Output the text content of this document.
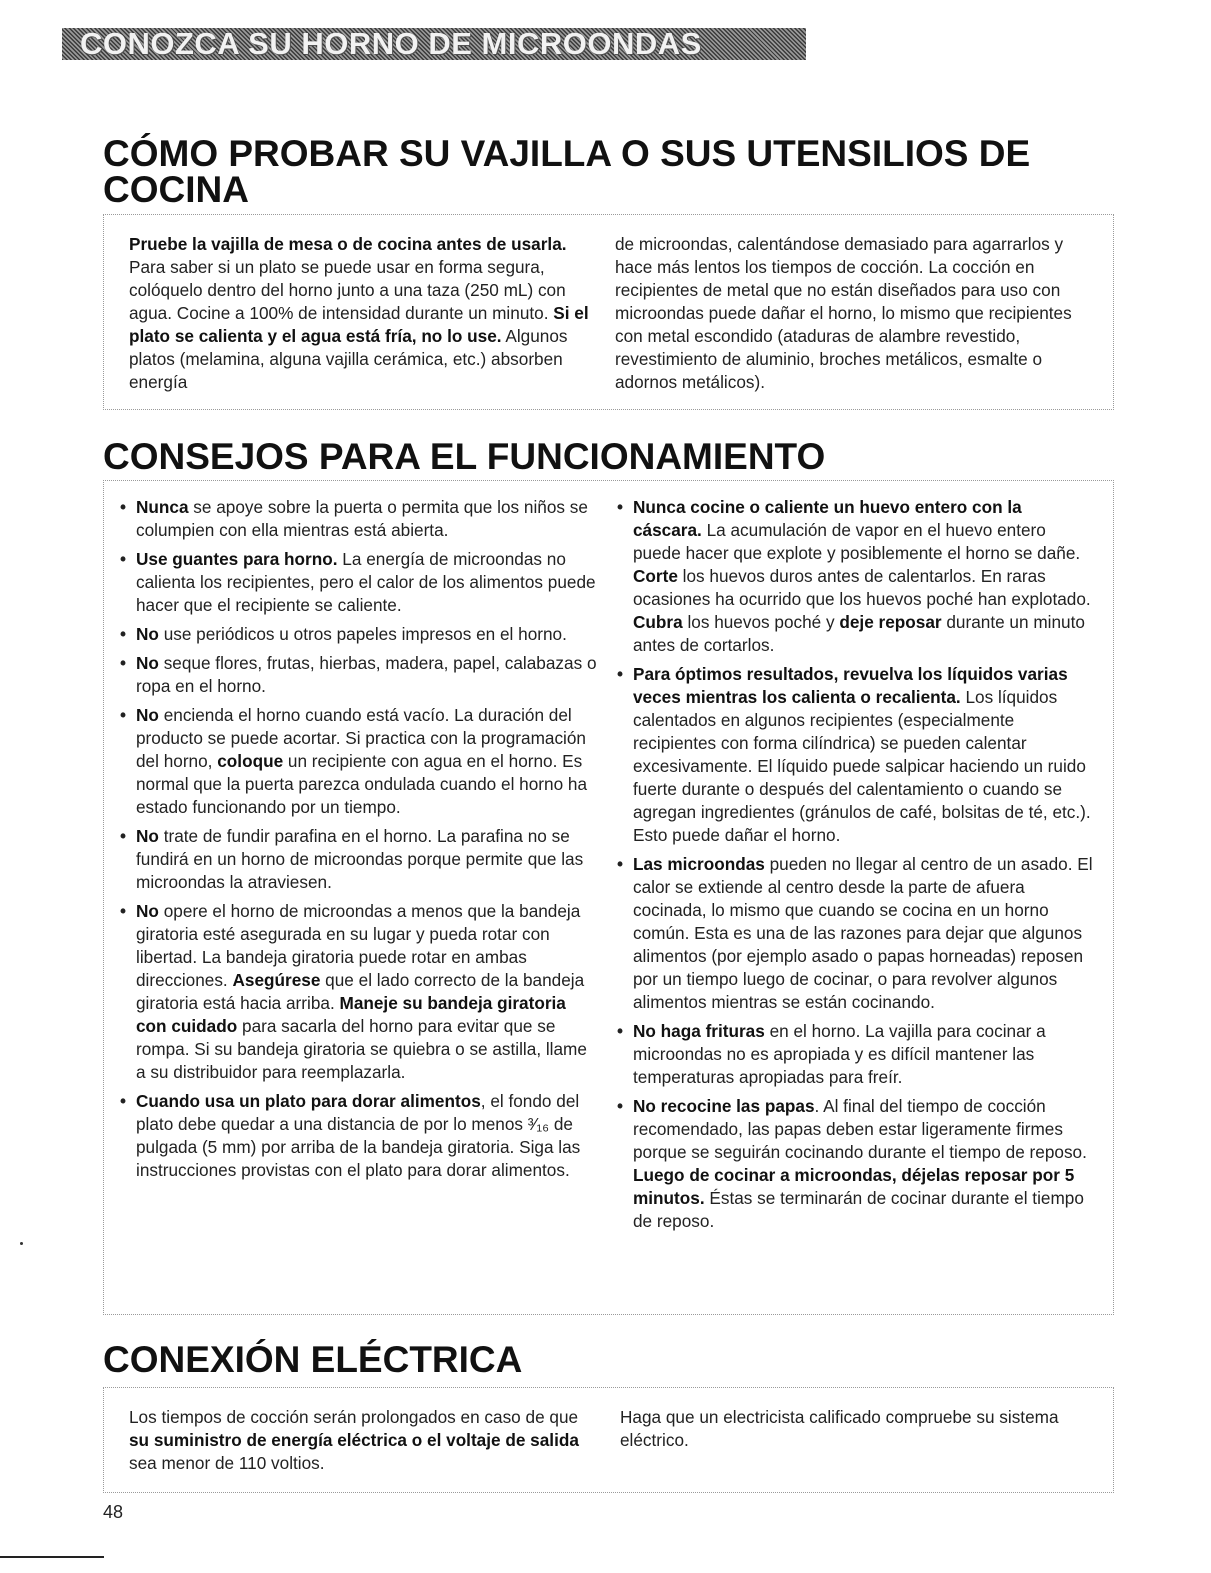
CONOZCA SU HORNO DE MICROONDAS
CÓMO PROBAR SU VAJILLA O SUS UTENSILIOS DE COCINA

Pruebe la vajilla de mesa o de cocina antes de usarla. Para saber si un plato se puede usar en forma segura, colóquelo dentro del horno junto a una taza (250 mL) con agua. Cocine a 100% de intensidad durante un minuto. Si el plato se calienta y el agua está fría, no lo use. Algunos platos (melamina, alguna vajilla cerámica, etc.) absorben energía

de microondas, calentándose demasiado para agarrarlos y hace más lentos los tiempos de cocción. La cocción en recipientes de metal que no están diseñados para uso con microondas puede dañar el horno, lo mismo que recipientes con metal escondido (ataduras de alambre revestido, revestimiento de aluminio, broches metálicos, esmalte o adornos metálicos).

CONSEJOS PARA EL FUNCIONAMIENTO
• Nunca se apoye sobre la puerta o permita que los niños se columpien con ella mientras está abierta.
• Use guantes para horno. La energía de microondas no calienta los recipientes, pero el calor de los alimentos puede hacer que el recipiente se caliente.
• No use periódicos u otros papeles impresos en el horno.
• No seque flores, frutas, hierbas, madera, papel, calabazas o ropa en el horno.
• No encienda el horno cuando está vacío. La duración del producto se puede acortar. Si practica con la programación del horno, coloque un recipiente con agua en el horno. Es normal que la puerta parezca ondulada cuando el horno ha estado funcionando por un tiempo.
• No trate de fundir parafina en el horno. La parafina no se fundirá en un horno de microondas porque permite que las microondas la atraviesen.
• No opere el horno de microondas a menos que la bandeja giratoria esté asegurada en su lugar y pueda rotar con libertad. La bandeja giratoria puede rotar en ambas direcciones. Asegúrese que el lado correcto de la bandeja giratoria está hacia arriba. Maneje su bandeja giratoria con cuidado para sacarla del horno para evitar que se rompa. Si su bandeja giratoria se quiebra o se astilla, llame a su distribuidor para reemplazarla.
• Cuando usa un plato para dorar alimentos, el fondo del plato debe quedar a una distancia de por lo menos ³⁄₁₆ de pulgada (5 mm) por arriba de la bandeja giratoria. Siga las instrucciones provistas con el plato para dorar alimentos.
• Nunca cocine o caliente un huevo entero con la cáscara. La acumulación de vapor en el huevo entero puede hacer que explote y posiblemente el horno se dañe. Corte los huevos duros antes de calentarlos. En raras ocasiones ha ocurrido que los huevos poché han explotado. Cubra los huevos poché y deje reposar durante un minuto antes de cortarlos.
• Para óptimos resultados, revuelva los líquidos varias veces mientras los calienta o recalienta. Los líquidos calentados en algunos recipientes (especialmente recipientes con forma cilíndrica) se pueden calentar excesivamente. El líquido puede salpicar haciendo un ruido fuerte durante o después del calentamiento o cuando se agregan ingredientes (gránulos de café, bolsitas de té, etc.). Esto puede dañar el horno.
• Las microondas pueden no llegar al centro de un asado. El calor se extiende al centro desde la parte de afuera cocinada, lo mismo que cuando se cocina en un horno común. Esta es una de las razones para dejar que algunos alimentos (por ejemplo asado o papas horneadas) reposen por un tiempo luego de cocinar, o para revolver algunos alimentos mientras se están cocinando.
• No haga frituras en el horno. La vajilla para cocinar a microondas no es apropiada y es difícil mantener las temperaturas apropiadas para freír.
• No recocine las papas. Al final del tiempo de cocción recomendado, las papas deben estar ligeramente firmes porque se seguirán cocinando durante el tiempo de reposo. Luego de cocinar a microondas, déjelas reposar por 5 minutos. Éstas se terminarán de cocinar durante el tiempo de reposo.
CONEXIÓN ELÉCTRICA

Los tiempos de cocción serán prolongados en caso de que su suministro de energía eléctrica o el voltaje de salida sea menor de 110 voltios.

Haga que un electricista calificado compruebe su sistema eléctrico.

48
